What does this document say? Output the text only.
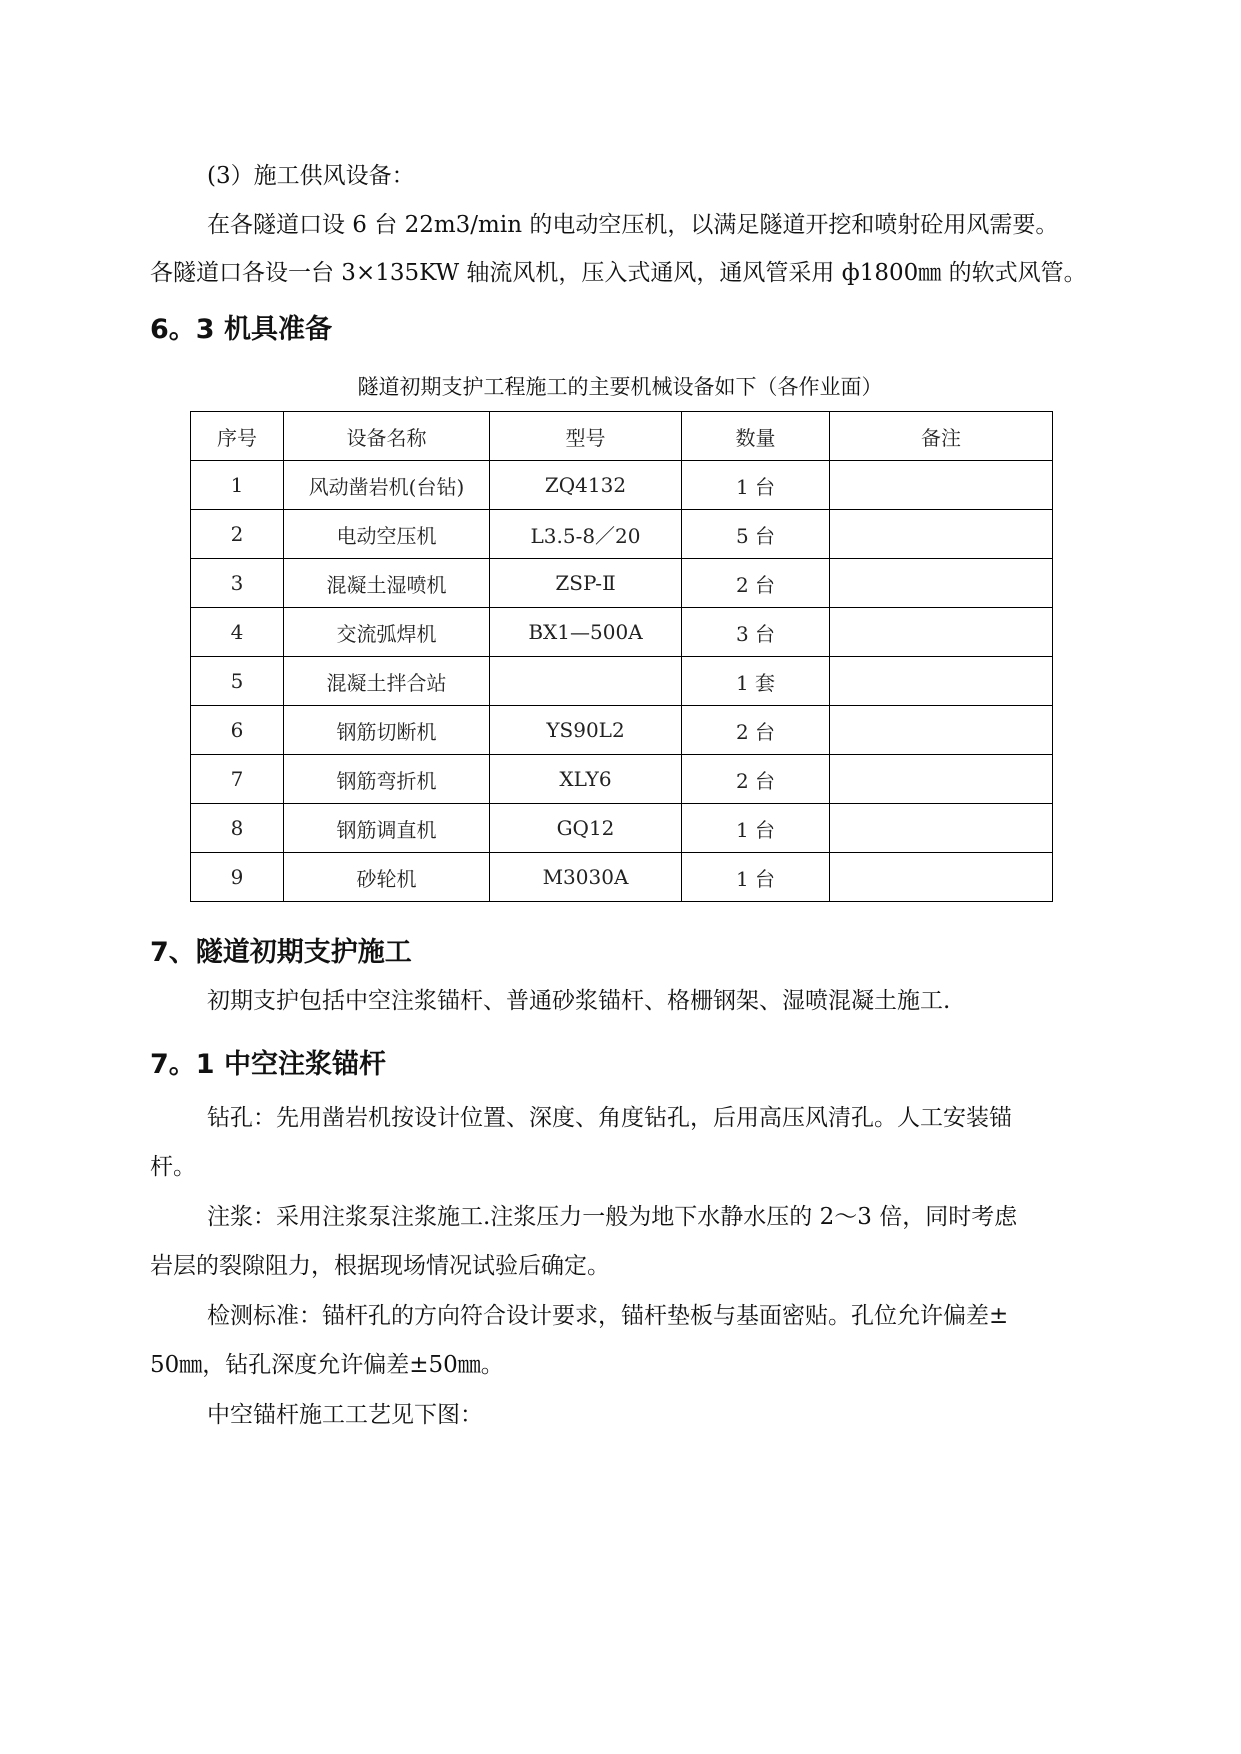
(3）施工供风设备：
在各隧道口设 6 台 22m3/min 的电动空压机，以满足隧道开挖和喷射砼用风需要。
各隧道口各设一台 3×135KW 轴流风机，压入式通风，通风管采用 ф1800㎜ 的软式风管。
6。3 机具准备
隧道初期支护工程施工的主要机械设备如下（各作业面）
序号	设备名称	型号	数量	备注
1	风动凿岩机(台钻)	ZQ4132	1 台	
2	电动空压机	L3.5-8／20	5 台	
3	混凝土湿喷机	ZSP-Ⅱ	2 台	
4	交流弧焊机	BX1—500A	3 台	
5	混凝土拌合站		1 套	
6	钢筋切断机	YS90L2	2 台	
7	钢筋弯折机	XLY6	2 台	
8	钢筋调直机	GQ12	1 台	
9	砂轮机	M3030A	1 台	
7、隧道初期支护施工
初期支护包括中空注浆锚杆、普通砂浆锚杆、格栅钢架、湿喷混凝土施工.
7。1 中空注浆锚杆
钻孔：先用凿岩机按设计位置、深度、角度钻孔，后用高压风清孔。人工安装锚
杆。
注浆：采用注浆泵注浆施工.注浆压力一般为地下水静水压的 2～3 倍，同时考虑
岩层的裂隙阻力，根据现场情况试验后确定。
检测标准：锚杆孔的方向符合设计要求，锚杆垫板与基面密贴。孔位允许偏差±
50㎜，钻孔深度允许偏差±50㎜。
中空锚杆施工工艺见下图：
